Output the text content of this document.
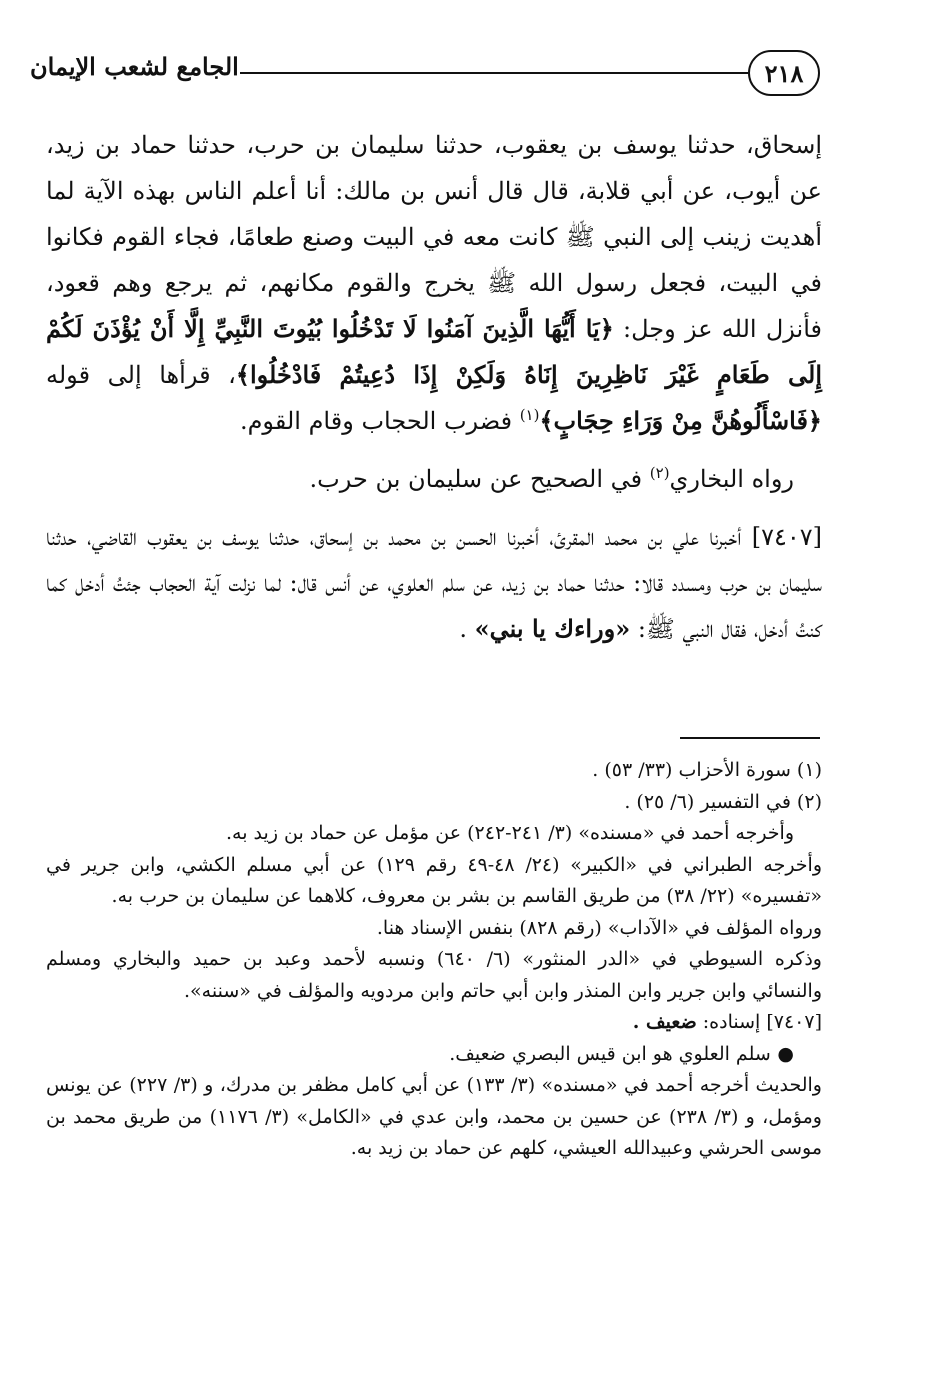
٢١٨
الجامع لشعب الإيمان

إسحاق، حدثنا يوسف بن يعقوب، حدثنا سليمان بن حرب، حدثنا حماد بن زيد، عن أيوب، عن أبي قلابة، قال قال أنس بن مالك: أنا أعلم الناس بهذه الآية لما أهديت زينب إلى النبي ﷺ كانت معه في البيت وصنع طعامًا، فجاء القوم فكانوا في البيت، فجعل رسول الله ﷺ يخرج والقوم مكانهم، ثم يرجع وهم قعود، فأنزل الله عز وجل: ﴿يَا أَيُّهَا الَّذِينَ آمَنُوا لَا تَدْخُلُوا بُيُوتَ النَّبِيِّ إِلَّا أَنْ يُؤْذَنَ لَكُمْ إِلَى طَعَامٍ غَيْرَ نَاظِرِينَ إِنَاهُ وَلَكِنْ إِذَا دُعِيتُمْ فَادْخُلُوا﴾، قرأها إلى قوله ﴿فَاسْأَلُوهُنَّ مِنْ وَرَاءِ حِجَابٍ﴾$^{(١)}$ فضرب الحجاب وقام القوم.

رواه البخاري$^{(٢)}$ في الصحيح عن سليمان بن حرب.

[٧٤٠٧] أخبرنا علي بن محمد المقرئ، أخبرنا الحسن بن محمد بن إسحاق، حدثنا يوسف بن يعقوب القاضي، حدثنا سليمان بن حرب ومسدد قالا: حدثنا حماد بن زيد، عن سلم العلوي، عن أنس قال: لما نزلت آية الحجاب جئتُ أدخل كما كنتُ أدخل، فقال النبي ﷺ: «وراءك يا بني» .

(١) سورة الأحزاب (٣٣/ ٥٣) .

(٢) في التفسير (٦/ ٢٥) .

وأخرجه أحمد في «مسنده» (٣/ ٢٤١-٢٤٢) عن مؤمل عن حماد بن زيد به.

وأخرجه الطبراني في «الكبير» (٢٤/ ٤٨-٤٩ رقم ١٢٩) عن أبي مسلم الكشي، وابن جرير في «تفسيره» (٢٢/ ٣٨) من طريق القاسم بن بشر بن معروف، كلاهما عن سليمان بن حرب به.

ورواه المؤلف في «الآداب» (رقم ٨٢٨) بنفس الإسناد هنا.

وذكره السيوطي في «الدر المنثور» (٦/ ٦٤٠) ونسبه لأحمد وعبد بن حميد والبخاري ومسلم والنسائي وابن جرير وابن المنذر وابن أبي حاتم وابن مردويه والمؤلف في «سننه».

[٧٤٠٧] إسناده: ضعيف .

● سلم العلوي هو ابن قيس البصري ضعيف.

والحديث أخرجه أحمد في «مسنده» (٣/ ١٣٣) عن أبي كامل مظفر بن مدرك، و (٣/ ٢٢٧) عن يونس ومؤمل، و (٣/ ٢٣٨) عن حسين بن محمد، وابن عدي في «الكامل» (٣/ ١١٧٦) من طريق محمد بن موسى الحرشي وعبيدالله العيشي، كلهم عن حماد بن زيد به.
